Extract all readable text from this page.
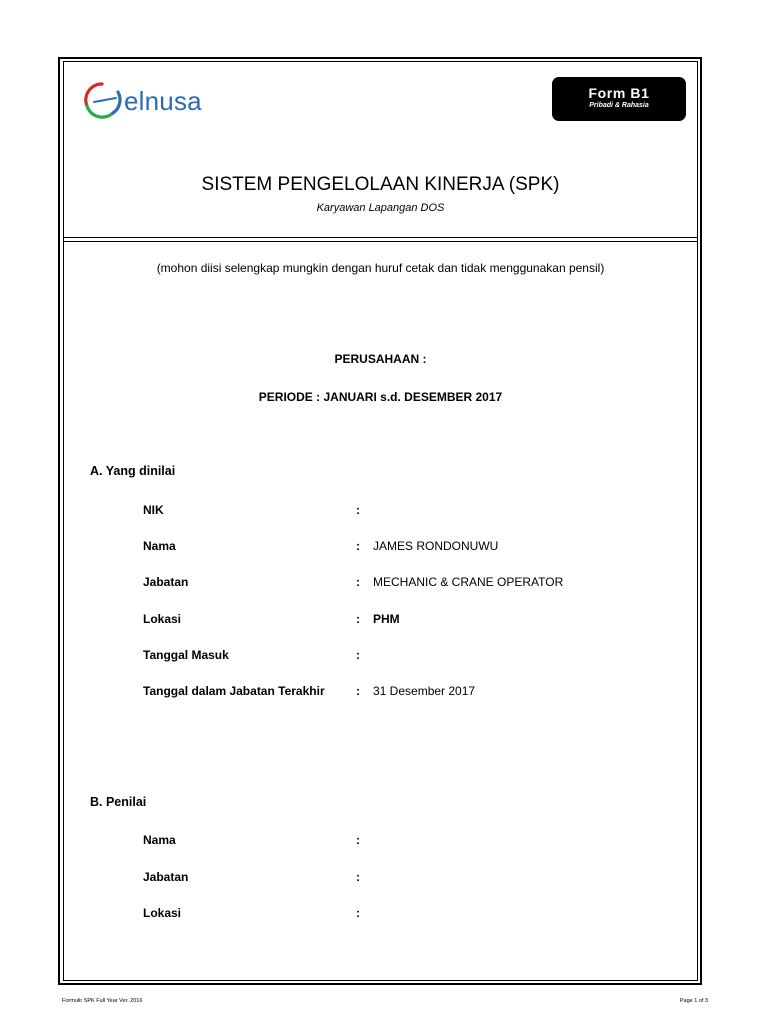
elnusa	Form B1
Pribadi & Rahasia
SISTEM PENGELOLAAN KINERJA (SPK)
Karyawan Lapangan DOS
(mohon diisi selengkap mungkin dengan huruf cetak dan tidak menggunakan pensil)
PERUSAHAAN :
PERIODE : JANUARI s.d. DESEMBER 2017
A. Yang dinilai
NIK	:
Nama	: JAMES RONDONUWU
Jabatan	: MECHANIC & CRANE OPERATOR
Lokasi	: PHM
Tanggal Masuk	:
Tanggal dalam Jabatan Terakhir	: 31 Desember 2017
B. Penilai
Nama	:
Jabatan	:
Lokasi	:
Formulir SPK Full Year Ver. 2016	Page 1 of 3
